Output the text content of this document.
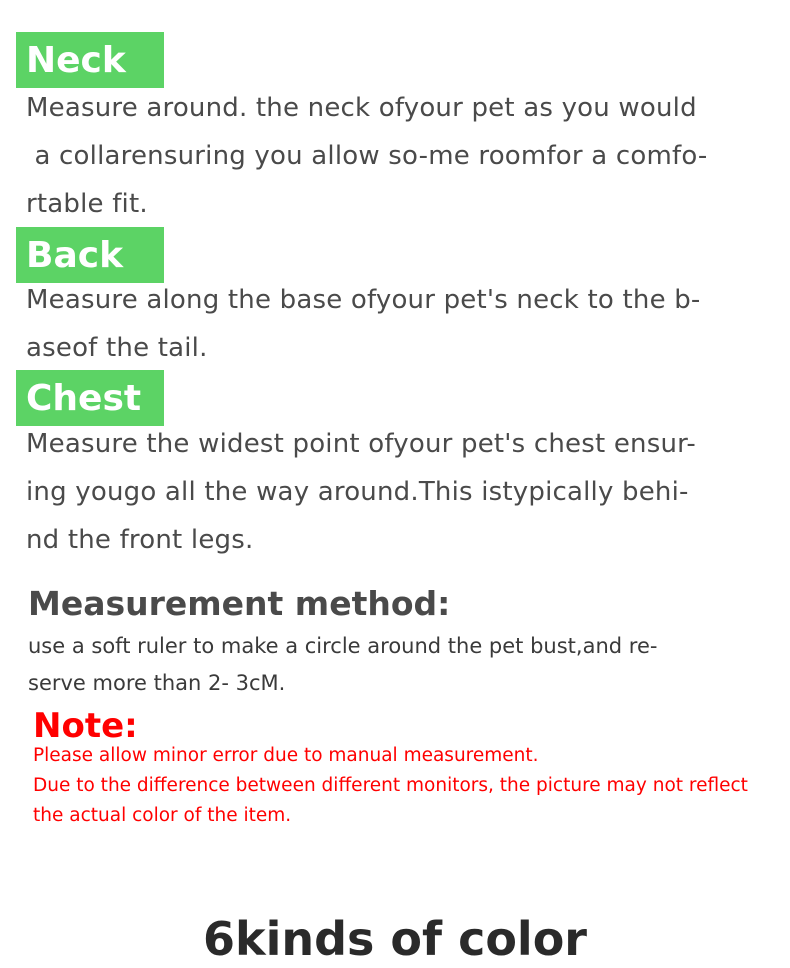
Neck
Measure around. the neck ofyour pet as you would
a collarensuring you allow so-me roomfor a comfo-
rtable fit.
Back
Measure along the base ofyour pet's neck to the b-
aseof the tail.
Chest
Measure the widest point ofyour pet's chest ensur-
ing yougo all the way around.This istypically behi-
nd the front legs.
Measurement method:
use a soft ruler to make a circle around the pet bust,and re-
serve more than 2- 3cM.
Note:
Please allow minor error due to manual measurement.
Due to the difference between different monitors, the picture may not reflect
the actual color of the item.
6kinds of color
